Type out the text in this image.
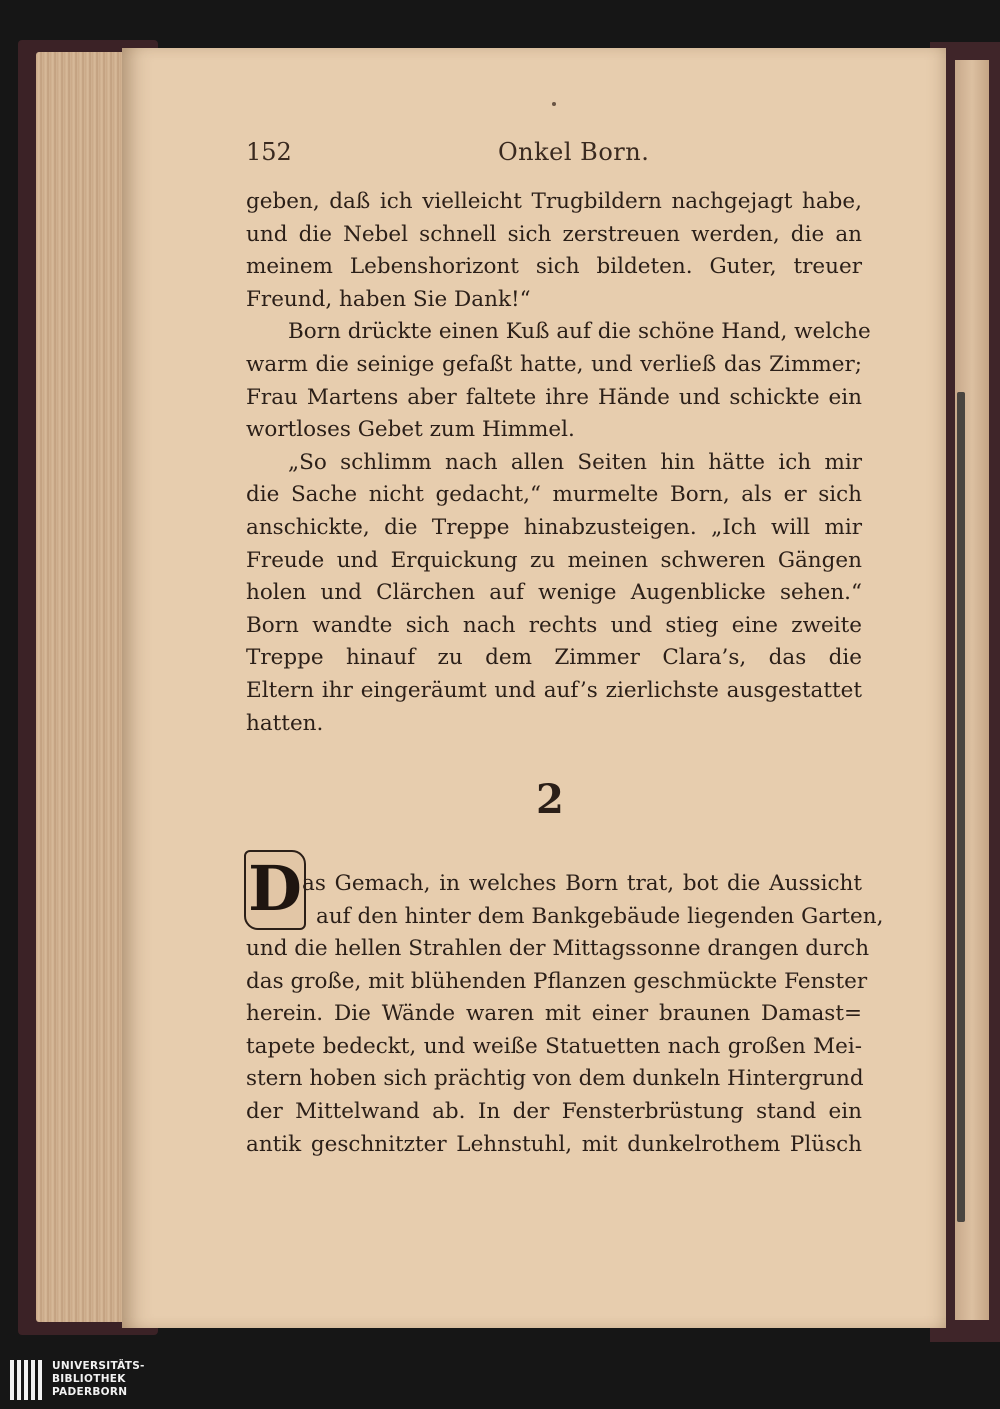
152	Onkel Born.
geben, daß ich vielleicht Trugbildern nachgejagt habe,
und die Nebel schnell sich zerstreuen werden, die an
meinem Lebenshorizont sich bildeten. Guter, treuer
Freund, haben Sie Dank!“
Born drückte einen Kuß auf die schöne Hand, welche
warm die seinige gefaßt hatte, und verließ das Zimmer;
Frau Martens aber faltete ihre Hände und schickte ein
wortloses Gebet zum Himmel.
„So schlimm nach allen Seiten hin hätte ich mir
die Sache nicht gedacht,“ murmelte Born, als er sich
anschickte, die Treppe hinabzusteigen. „Ich will mir
Freude und Erquickung zu meinen schweren Gängen
holen und Clärchen auf wenige Augenblicke sehen.“
Born wandte sich nach rechts und stieg eine zweite
Treppe hinauf zu dem Zimmer Clara’s, das die
Eltern ihr eingeräumt und auf’s zierlichste ausgestattet
hatten.
2
D as Gemach, in welches Born trat, bot die Aussicht
auf den hinter dem Bankgebäude liegenden Garten,
und die hellen Strahlen der Mittagssonne drangen durch
das große, mit blühenden Pflanzen geschmückte Fenster
herein. Die Wände waren mit einer braunen Damast=
tapete bedeckt, und weiße Statuetten nach großen Mei-
stern hoben sich prächtig von dem dunkeln Hintergrund
der Mittelwand ab. In der Fensterbrüstung stand ein
antik geschnitzter Lehnstuhl, mit dunkelrothem Plüsch
UNIVERSITÄTS-
BIBLIOTHEK
PADERBORN
